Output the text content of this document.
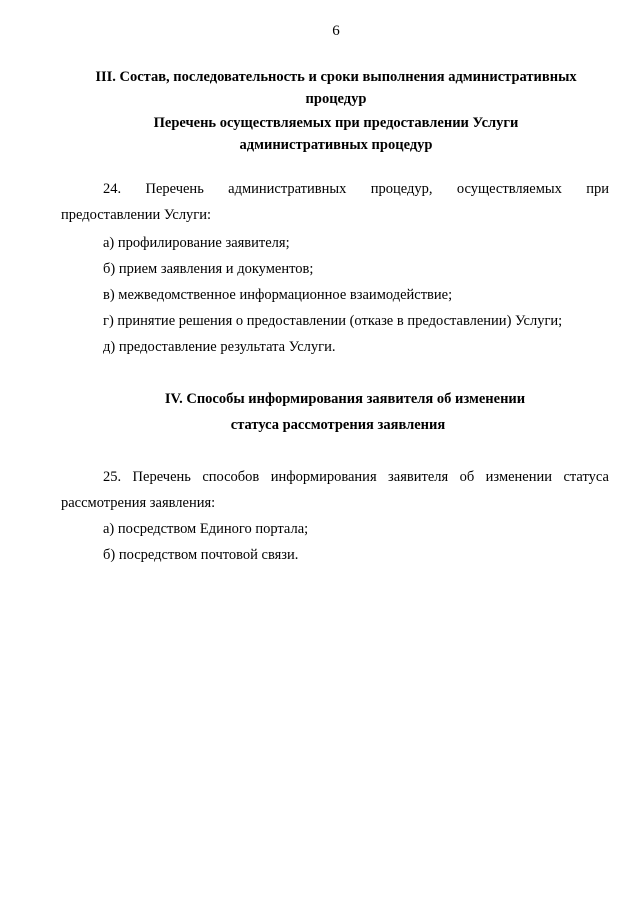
6
III. Состав, последовательность и сроки выполнения административных
процедур
Перечень осуществляемых при предоставлении Услуги
административных процедур
24. Перечень административных процедур, осуществляемых при
предоставлении Услуги:
а) профилирование заявителя;
б) прием заявления и документов;
в) межведомственное информационное взаимодействие;
г) принятие решения о предоставлении (отказе в предоставлении) Услуги;
д) предоставление результата Услуги.
IV. Способы информирования заявителя об изменении
статуса рассмотрения заявления
25. Перечень способов информирования заявителя об изменении статуса
рассмотрения заявления:
а) посредством Единого портала;
б) посредством почтовой связи.
